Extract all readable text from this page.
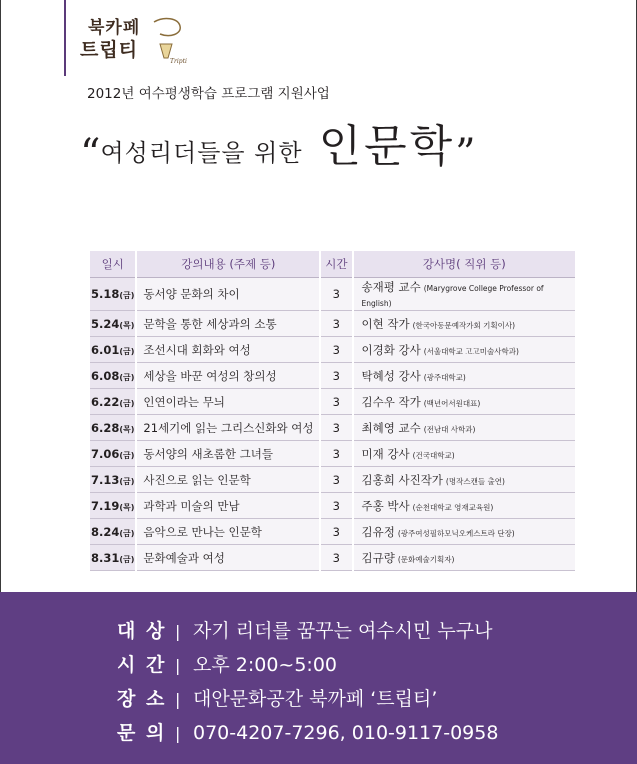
북카페
트립티
Tripti
2012년 여수평생학습 프로그램 지원사업
“여성리더들을 위한 인문학”
일시	강의내용 (주제 등)	시간	강사명( 직위 등)
5.18(금)	동서양 문화의 차이	3	송재평 교수 (Marygrove College Professor of English)
5.24(목)	문학을 통한 세상과의 소통	3	이현 작가 (한국아동문예작가회 기획이사)
6.01(금)	조선시대 회화와 여성	3	이경화 강사 (서울대학교 고고미술사학과)
6.08(금)	세상을 바꾼 여성의 창의성	3	탁혜성 강사 (광주대학교)
6.22(금)	인연이라는 무늬	3	김수우 작가 (백년어서원대표)
6.28(목)	21세기에 읽는 그리스신화와 여성	3	최혜영 교수 (전남대 사학과)
7.06(금)	동서양의 새초롬한 그녀들	3	미재 강사 (건국대학교)
7.13(금)	사진으로 읽는 인문학	3	김홍희 사진작가 (명작스캔들 출연)
7.19(목)	과학과 미술의 만남	3	주홍 박사 (순천대학교 영재교육원)
8.24(금)	음악으로 만나는 인문학	3	김유정 (광주여성필하모닉오케스트라 단장)
8.31(금)	문화예술과 여성	3	김규량 (문화예술기획자)
대 상 | 자기 리더를 꿈꾸는 여수시민 누구나
시 간 | 오후 2:00~5:00
장 소 | 대안문화공간 북까페 ‘트립티’
문 의 | 070-4207-7296, 010-9117-0958
